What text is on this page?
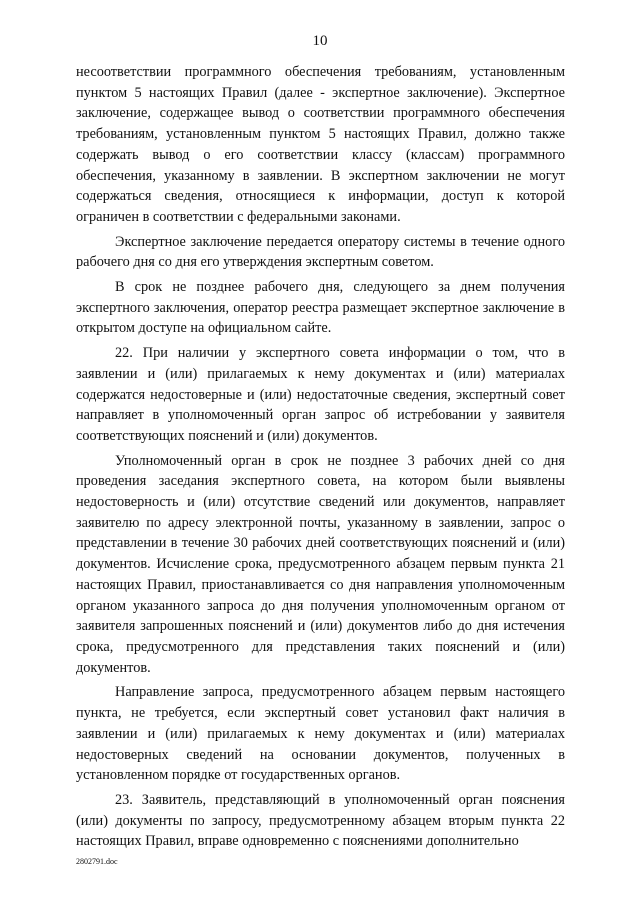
10

несоответствии программного обеспечения требованиям, установленным пунктом 5 настоящих Правил (далее - экспертное заключение). Экспертное заключение, содержащее вывод о соответствии программного обеспечения требованиям, установленным пунктом 5 настоящих Правил, должно также содержать вывод о его соответствии классу (классам) программного обеспечения, указанному в заявлении. В экспертном заключении не могут содержаться сведения, относящиеся к информации, доступ к которой ограничен в соответствии с федеральными законами.

Экспертное заключение передается оператору системы в течение одного рабочего дня со дня его утверждения экспертным советом.

В срок не позднее рабочего дня, следующего за днем получения экспертного заключения, оператор реестра размещает экспертное заключение в открытом доступе на официальном сайте.

22. При наличии у экспертного совета информации о том, что в заявлении и (или) прилагаемых к нему документах и (или) материалах содержатся недостоверные и (или) недостаточные сведения, экспертный совет направляет в уполномоченный орган запрос об истребовании у заявителя соответствующих пояснений и (или) документов.

Уполномоченный орган в срок не позднее 3 рабочих дней со дня проведения заседания экспертного совета, на котором были выявлены недостоверность и (или) отсутствие сведений или документов, направляет заявителю по адресу электронной почты, указанному в заявлении, запрос о представлении в течение 30 рабочих дней соответствующих пояснений и (или) документов. Исчисление срока, предусмотренного абзацем первым пункта 21 настоящих Правил, приостанавливается со дня направления уполномоченным органом указанного запроса до дня получения уполномоченным органом от заявителя запрошенных пояснений и (или) документов либо до дня истечения срока, предусмотренного для представления таких пояснений и (или) документов.

Направление запроса, предусмотренного абзацем первым настоящего пункта, не требуется, если экспертный совет установил факт наличия в заявлении и (или) прилагаемых к нему документах и (или) материалах недостоверных сведений на основании документов, полученных в установленном порядке от государственных органов.

23. Заявитель, представляющий в уполномоченный орган пояснения (или) документы по запросу, предусмотренному абзацем вторым пункта 22 настоящих Правил, вправе одновременно с пояснениями дополнительно

2802791.doc
